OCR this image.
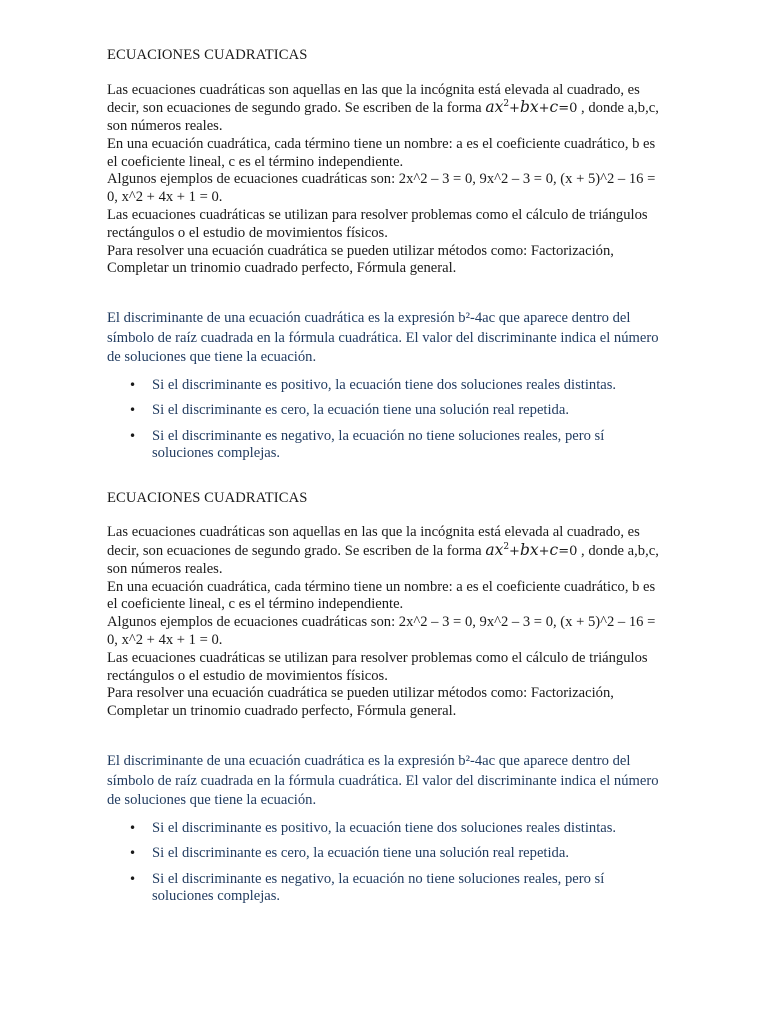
ECUACIONES CUADRATICAS

Las ecuaciones cuadráticas son aquellas en las que la incógnita está elevada al cuadrado, es decir, son ecuaciones de segundo grado. Se escriben de la forma $ax^2+bx+c=0$ , donde a,b,c, son números reales.

En una ecuación cuadrática, cada término tiene un nombre: a es el coeficiente cuadrático, b es el coeficiente lineal, c es el término independiente.

Algunos ejemplos de ecuaciones cuadráticas son: 2x^2 – 3 = 0, 9x^2 – 3 = 0, (x + 5)^2 – 16 = 0, x^2 + 4x + 1 = 0.

Las ecuaciones cuadráticas se utilizan para resolver problemas como el cálculo de triángulos rectángulos o el estudio de movimientos físicos.

Para resolver una ecuación cuadrática se pueden utilizar métodos como: Factorización, Completar un trinomio cuadrado perfecto, Fórmula general.

El discriminante de una ecuación cuadrática es la expresión b²-4ac que aparece dentro del símbolo de raíz cuadrada en la fórmula cuadrática. El valor del discriminante indica el número de soluciones que tiene la ecuación.

• Si el discriminante es positivo, la ecuación tiene dos soluciones reales distintas.
• Si el discriminante es cero, la ecuación tiene una solución real repetida.
• Si el discriminante es negativo, la ecuación no tiene soluciones reales, pero sí soluciones complejas.
ECUACIONES CUADRATICAS

Las ecuaciones cuadráticas son aquellas en las que la incógnita está elevada al cuadrado, es decir, son ecuaciones de segundo grado. Se escriben de la forma $ax^2+bx+c=0$ , donde a,b,c, son números reales.

En una ecuación cuadrática, cada término tiene un nombre: a es el coeficiente cuadrático, b es el coeficiente lineal, c es el término independiente.

Algunos ejemplos de ecuaciones cuadráticas son: 2x^2 – 3 = 0, 9x^2 – 3 = 0, (x + 5)^2 – 16 = 0, x^2 + 4x + 1 = 0.

Las ecuaciones cuadráticas se utilizan para resolver problemas como el cálculo de triángulos rectángulos o el estudio de movimientos físicos.

Para resolver una ecuación cuadrática se pueden utilizar métodos como: Factorización, Completar un trinomio cuadrado perfecto, Fórmula general.

El discriminante de una ecuación cuadrática es la expresión b²-4ac que aparece dentro del símbolo de raíz cuadrada en la fórmula cuadrática. El valor del discriminante indica el número de soluciones que tiene la ecuación.

• Si el discriminante es positivo, la ecuación tiene dos soluciones reales distintas.
• Si el discriminante es cero, la ecuación tiene una solución real repetida.
• Si el discriminante es negativo, la ecuación no tiene soluciones reales, pero sí soluciones complejas.
